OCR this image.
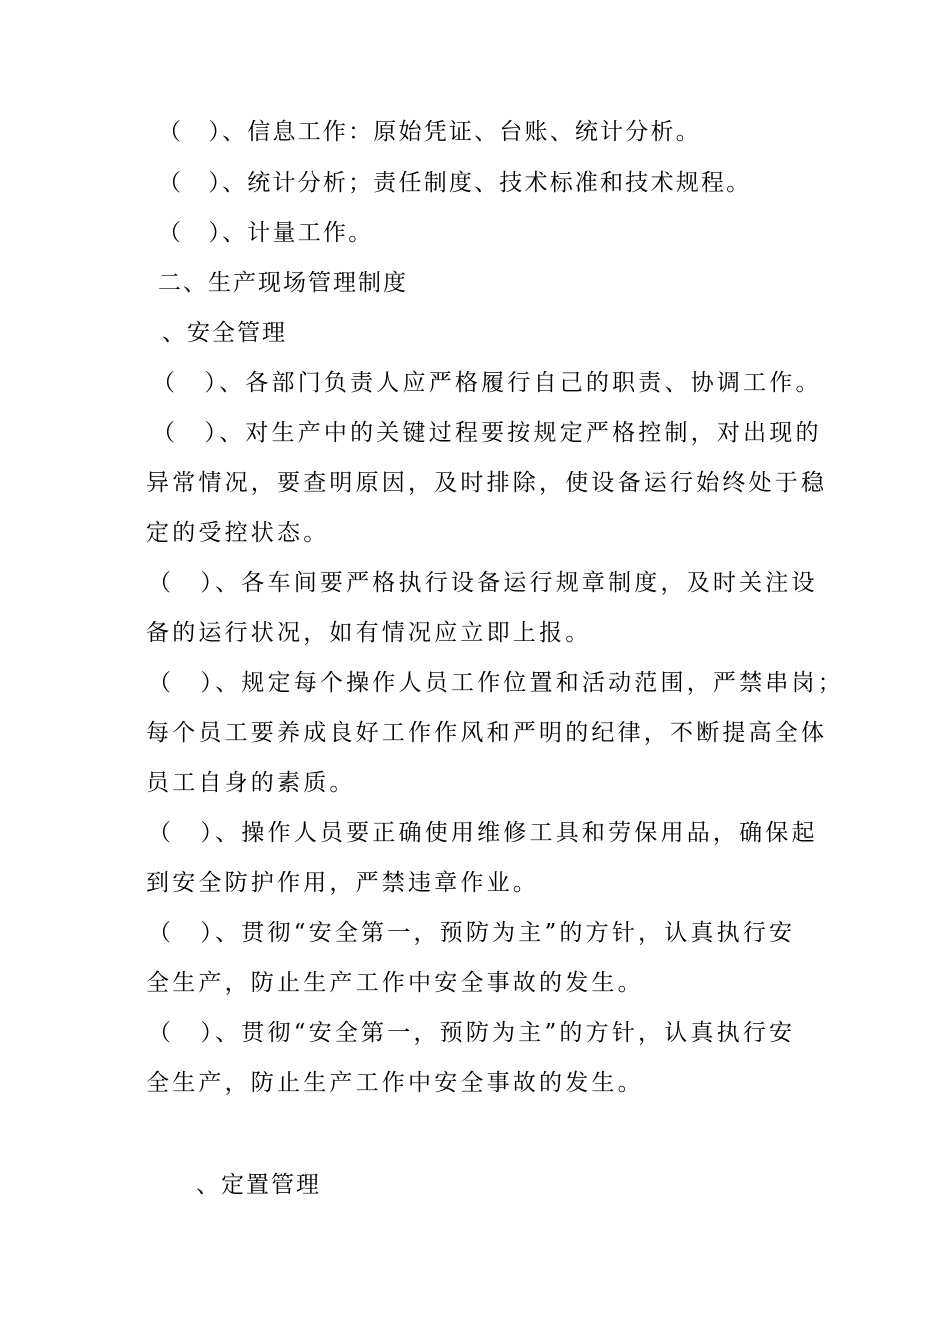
（　）、信息工作：原始凭证、台账、统计分析。
（　）、统计分析；责任制度、技术标准和技术规程。
（　）、计量工作。
二、生产现场管理制度
、安全管理
（　）、各部门负责人应严格履行自己的职责、协调工作。
（　）、对生产中的关键过程要按规定严格控制，对出现的
异常情况，要查明原因，及时排除，使设备运行始终处于稳
定的受控状态。
（　）、各车间要严格执行设备运行规章制度，及时关注设
备的运行状况，如有情况应立即上报。
（　）、规定每个操作人员工作位置和活动范围，严禁串岗；
每个员工要养成良好工作作风和严明的纪律，不断提高全体
员工自身的素质。
（　）、操作人员要正确使用维修工具和劳保用品，确保起
到安全防护作用，严禁违章作业。
（　）、贯彻“安全第一，预防为主”的方针，认真执行安
全生产，防止生产工作中安全事故的发生。
（　）、贯彻“安全第一，预防为主”的方针，认真执行安
全生产，防止生产工作中安全事故的发生。
、定置管理
